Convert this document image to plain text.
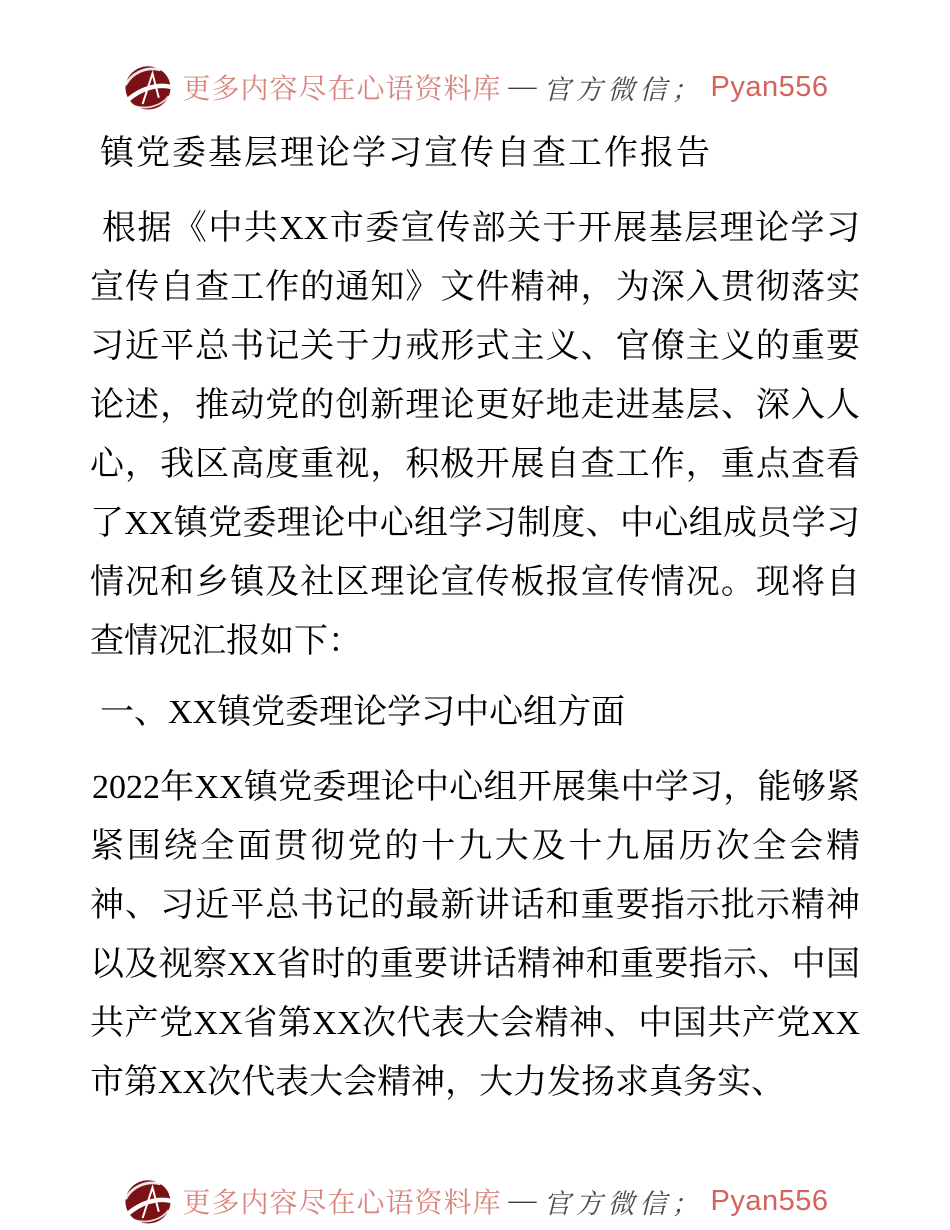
更多内容尽在心语资料库 — 官方微信； Pyan556
镇党委基层理论学习宣传自查工作报告

根据《中共XX市委宣传部关于开展基层理论学习宣传自查工作的通知》文件精神，为深入贯彻落实习近平总书记关于力戒形式主义、官僚主义的重要论述，推动党的创新理论更好地走进基层、深入人心，我区高度重视，积极开展自查工作，重点查看了XX镇党委理论中心组学习制度、中心组成员学习情况和乡镇及社区理论宣传板报宣传情况。现将自查情况汇报如下：

一、XX镇党委理论学习中心组方面

2022年XX镇党委理论中心组开展集中学习，能够紧紧围绕全面贯彻党的十九大及十九届历次全会精神、习近平总书记的最新讲话和重要指示批示精神以及视察XX省时的重要讲话精神和重要指示、中国共产党XX省第XX次代表大会精神、中国共产党XX市第XX次代表大会精神，大力发扬求真务实、

更多内容尽在心语资料库 — 官方微信； Pyan556
